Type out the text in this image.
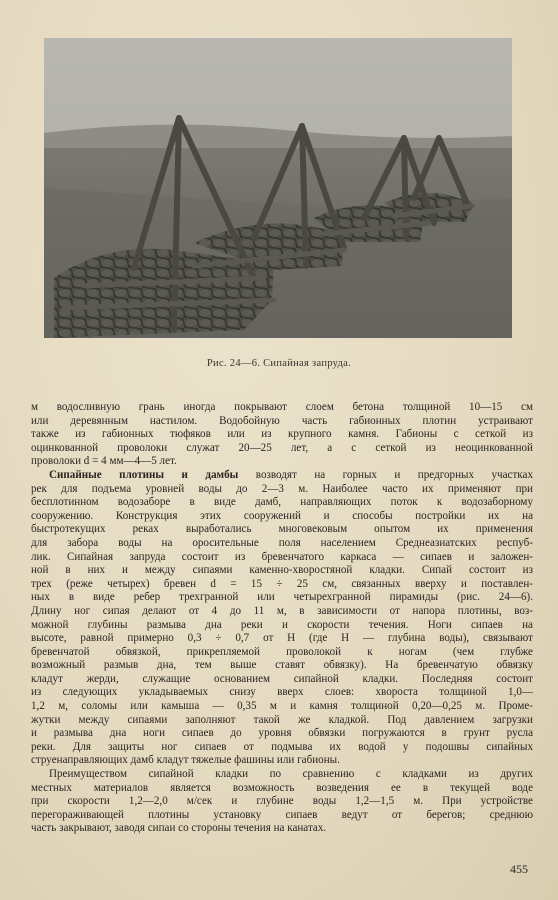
Рис. 24—6. Сипайная запруда.

м водосливную грань иногда покрывают слоем бетона толщиной 10—15 см
или деревянным настилом. Водобойную часть габионных плотин устраивают
также из габионных тюфяков или из крупного камня. Габионы с сеткой из
оцинкованной проволоки служат 20—25 лет, а с сеткой из неоцинкованной
проволоки d = 4 мм—4—5 лет.

Сипайные плотины и дамбы возводят на горных и предгорных участках
рек для подъема уровней воды до 2—3 м. Наиболее часто их применяют при
бесплотинном водозаборе в виде дамб, направляющих поток к водозаборному
сооружению. Конструкция этих сооружений и способы постройки их на
быстротекущих реках выработались многовековым опытом их применения
для забора воды на оросительные поля населением Среднеазиатских респуб-
лик. Сипайная запруда состоит из бревенчатого каркаса — сипаев и заложен-
ной в них и между сипаями каменно-хворостяной кладки. Сипай состоит из
трех (реже четырех) бревен d = 15 ÷ 25 см, связанных вверху и поставлен-
ных в виде ребер трехгранной или четырехгранной пирамиды (рис. 24—6).
Длину ног сипая делают от 4 до 11 м, в зависимости от напора плотины, воз-
можной глубины размыва дна реки и скорости течения. Ноги сипаев на
высоте, равной примерно 0,3 ÷ 0,7 от H (где H — глубина воды), связывают
бревенчатой обвязкой, прикрепляемой проволокой к ногам (чем глубже
возможный размыв дна, тем выше ставят обвязку). На бревенчатую обвязку
кладут жерди, служащие основанием сипайной кладки. Последняя состоит
из следующих укладываемых снизу вверх слоев: хвороста толщиной 1,0—
1,2 м, соломы или камыша — 0,35 м и камня толщиной 0,20—0,25 м. Проме-
жутки между сипаями заполняют такой же кладкой. Под давлением загрузки
и размыва дна ноги сипаев до уровня обвязки погружаются в грунт русла
реки. Для защиты ног сипаев от подмыва их водой у подошвы сипайных
струенаправляющих дамб кладут тяжелые фашины или габионы.

Преимуществом сипайной кладки по сравнению с кладками из других
местных материалов является возможность возведения ее в текущей воде
при скорости 1,2—2,0 м/сек и глубине воды 1,2—1,5 м. При устройстве
перегораживающей плотины установку сипаев ведут от берегов; среднюю
часть закрывают, заводя сипаи со стороны течения на канатах.

455
